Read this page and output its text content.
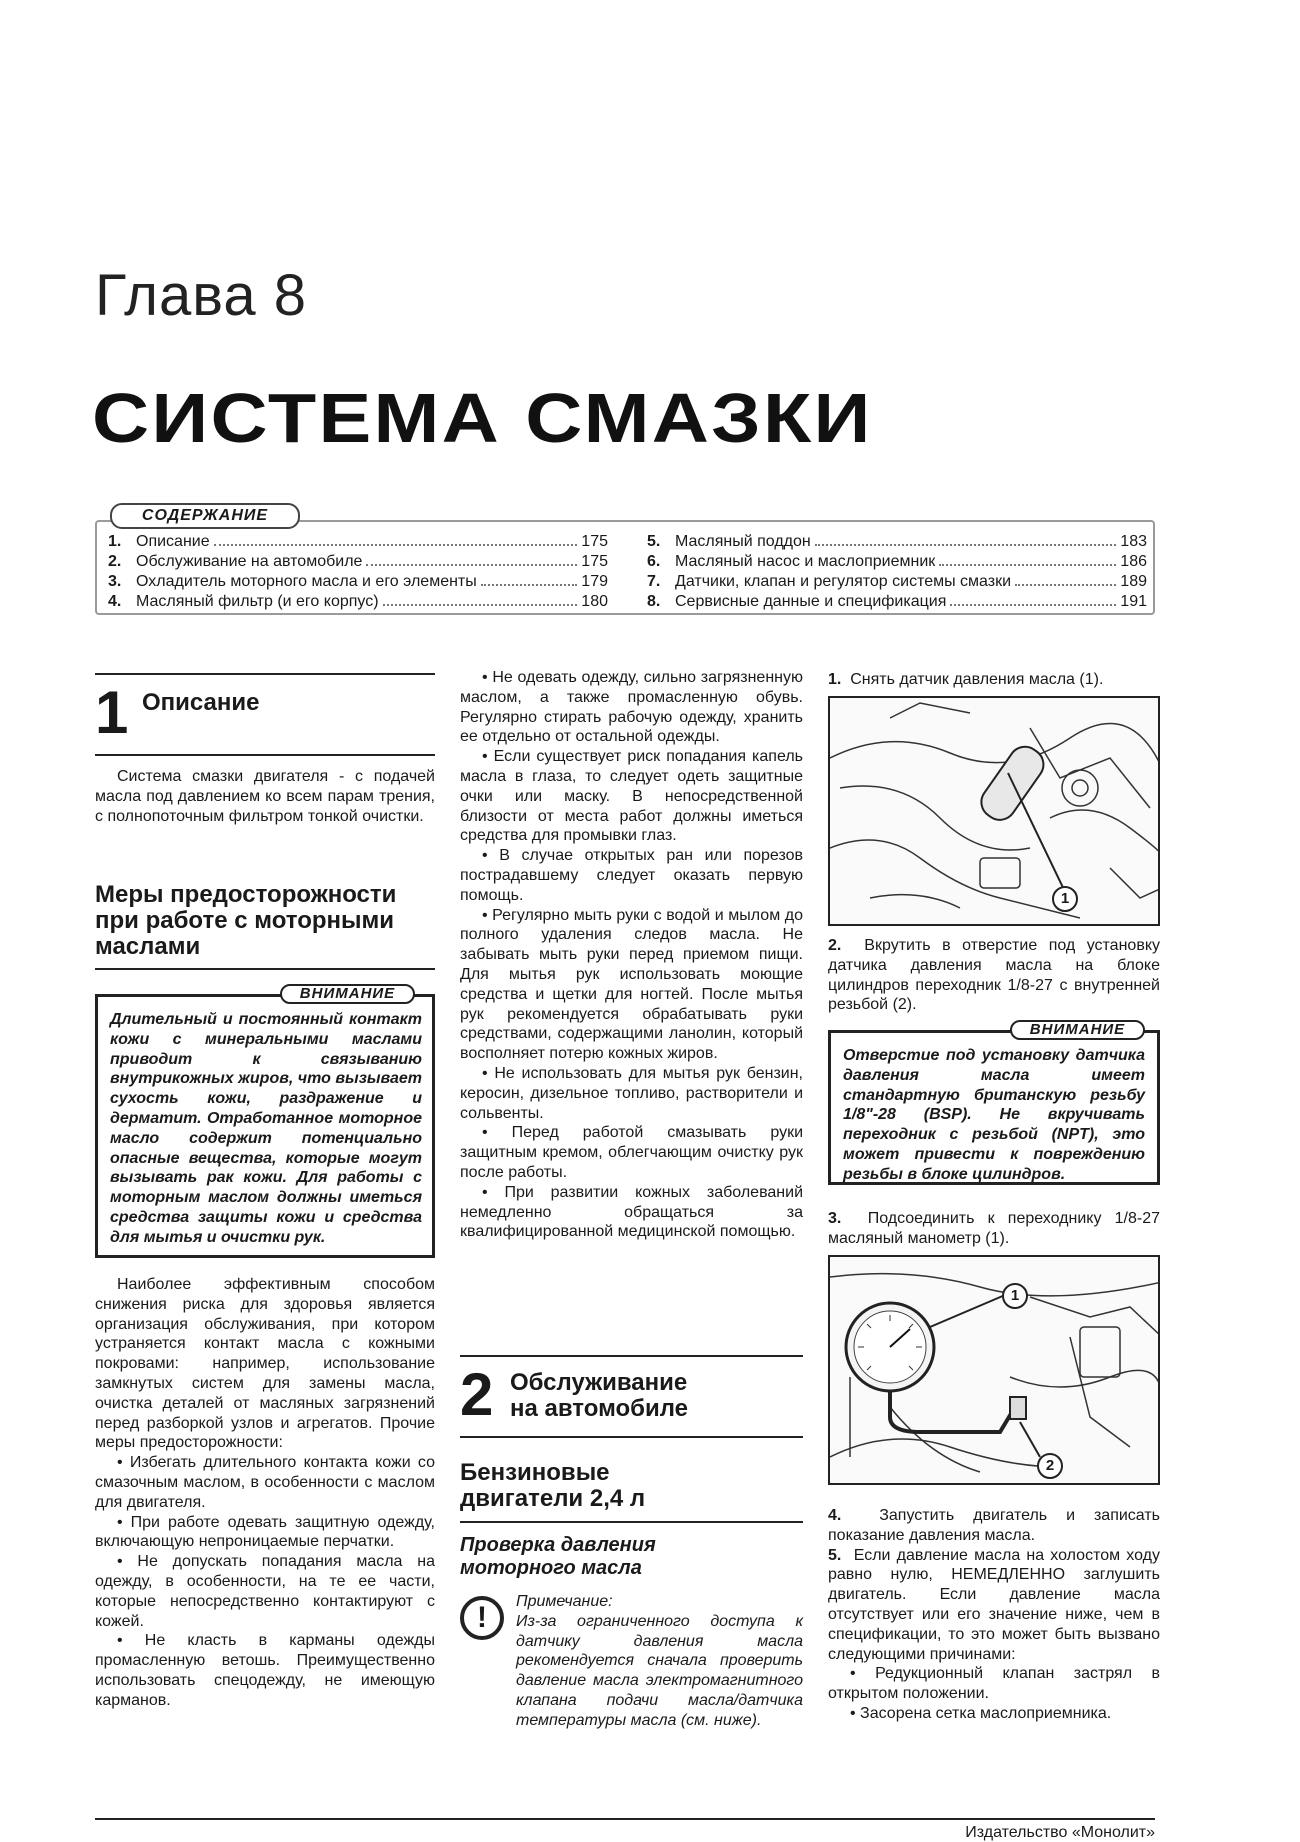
Глава 8
СИСТЕМА СМАЗКИ
СОДЕРЖАНИЕ
1. Описание	175
2. Обслуживание на автомобиле	175
3. Охладитель моторного масла и его элементы	179
4. Масляный фильтр (и его корпус)	180
5. Масляный поддон	183
6. Масляный насос и маслоприемник	186
7. Датчики, клапан и регулятор системы смазки	189
8. Сервисные данные и спецификация	191
1 Описание

Система смазки двигателя - с подачей масла под давлением ко всем парам трения, с полнопоточным фильтром тонкой очистки.

Меры предосторожности при работе с моторными маслами
ВНИМАНИЕ
Длительный и постоянный контакт кожи с минеральными маслами приводит к связыванию внутрикожных жиров, что вызывает сухость кожи, раздражение и дерматит. Отработанное моторное масло содержит потенциально опасные вещества, которые могут вызывать рак кожи. Для работы с моторным маслом должны иметься средства защиты кожи и средства для мытья и очистки рук.

Наиболее эффективным способом снижения риска для здоровья является организация обслуживания, при котором устраняется контакт масла с кожными покровами: например, использование замкнутых систем для замены масла, очистка деталей от масляных загрязнений перед разборкой узлов и агрегатов. Прочие меры предосторожности:

• Избегать длительного контакта кожи со смазочным маслом, в особенности с маслом для двигателя.

• При работе одевать защитную одежду, включающую непроницаемые перчатки.

• Не допускать попадания масла на одежду, в особенности, на те ее части, которые непосредственно контактируют с кожей.

• Не класть в карманы одежды промасленную ветошь. Преимущественно использовать спецодежду, не имеющую карманов.

• Не одевать одежду, сильно загрязненную маслом, а также промасленную обувь. Регулярно стирать рабочую одежду, хранить ее отдельно от остальной одежды.

• Если существует риск попадания капель масла в глаза, то следует одеть защитные очки или маску. В непосредственной близости от места работ должны иметься средства для промывки глаз.

• В случае открытых ран или порезов пострадавшему следует оказать первую помощь.

• Регулярно мыть руки с водой и мылом до полного удаления следов масла. Не забывать мыть руки перед приемом пищи. Для мытья рук использовать моющие средства и щетки для ногтей. После мытья рук рекомендуется обрабатывать руки средствами, содержащими ланолин, который восполняет потерю кожных жиров.

• Не использовать для мытья рук бензин, керосин, дизельное топливо, растворители и сольвенты.

• Перед работой смазывать руки защитным кремом, облегчающим очистку рук после работы.

• При развитии кожных заболеваний немедленно обращаться за квалифицированной медицинской помощью.

2 Обслуживание
на автомобиле
Бензиновые двигатели 2,4 л
Проверка давления моторного масла
!	Примечание:
Из-за ограниченного доступа к датчику давления масла рекомендуется сначала проверить давление масла электромагнитного клапана подачи масла/датчика температуры масла (см. ниже).
1. Снять датчик давления масла (1).
1
2. Вкрутить в отверстие под установку датчика давления масла на блоке цилиндров переходник 1/8-27 с внутренней резьбой (2).
ВНИМАНИЕ
Отверстие под установку датчика давления масла имеет стандартную британскую резьбу 1/8"-28 (BSP). Не вкручивать переходник с резьбой (NPT), это может привести к повреждению резьбы в блоке цилиндров.
3. Подсоединить к переходнику 1/8-27 масляный манометр (1).
1
2
4. Запустить двигатель и записать показание давления масла.
5. Если давление масла на холостом ходу равно нулю, НЕМЕДЛЕННО заглушить двигатель. Если давление масла отсутствует или его значение ниже, чем в спецификации, то это может быть вызвано следующими причинами:
• Редукционный клапан застрял в открытом положении.
• Засорена сетка маслоприемника.
Издательство «Монолит»
